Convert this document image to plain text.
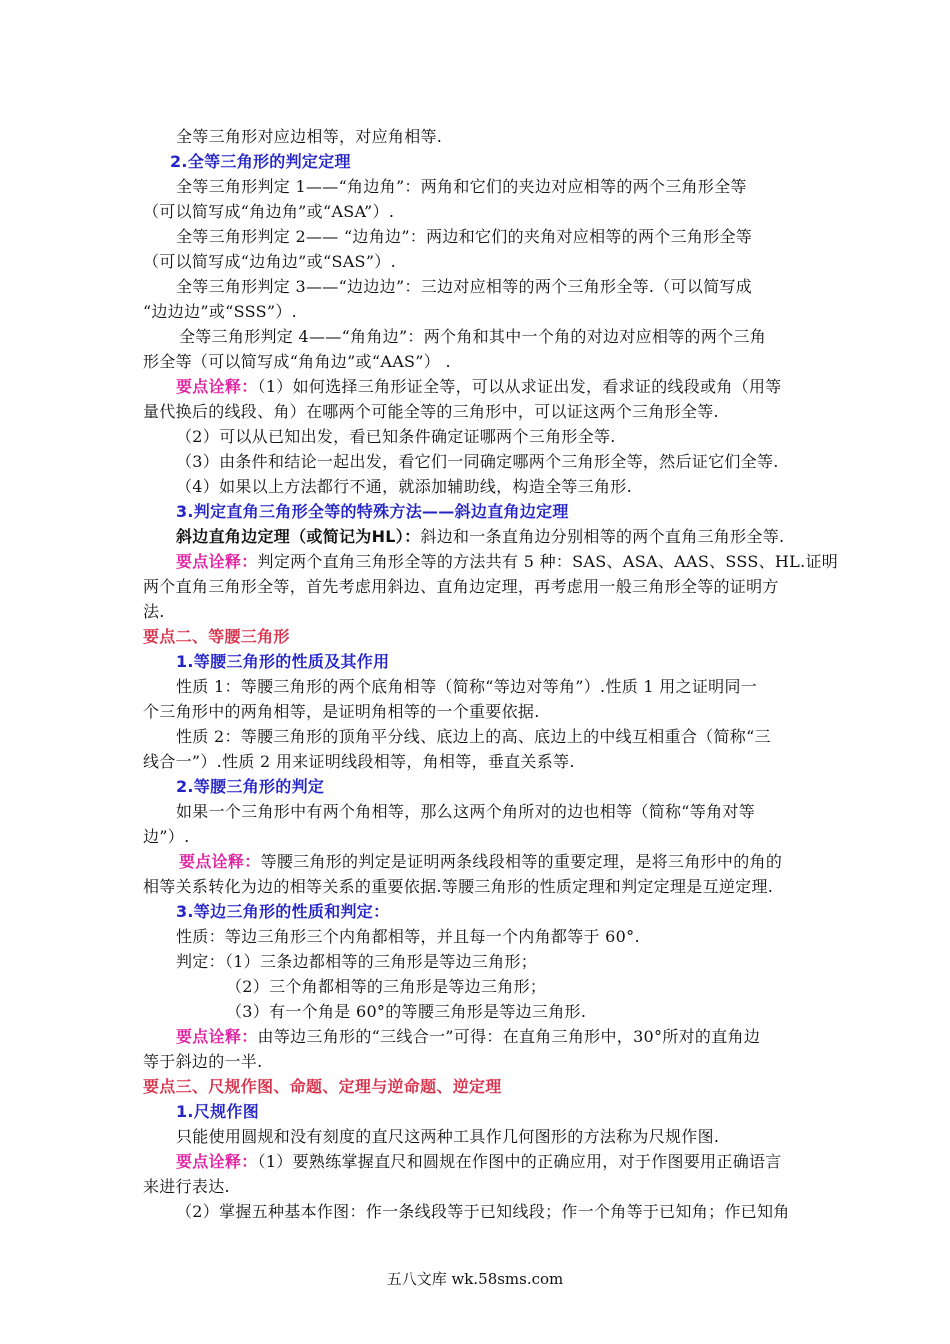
全等三角形对应边相等，对应角相等.
2.全等三角形的判定定理
全等三角形判定 1——“角边角”：两角和它们的夹边对应相等的两个三角形全等
（可以简写成“角边角”或“ASA”）.
全等三角形判定 2—— “边角边”：两边和它们的夹角对应相等的两个三角形全等
（可以简写成“边角边”或“SAS”）.
全等三角形判定 3——“边边边”：三边对应相等的两个三角形全等.（可以简写成
“边边边”或“SSS”）.
全等三角形判定 4——“角角边”：两个角和其中一个角的对边对应相等的两个三角
形全等（可以简写成“角角边”或“AAS”） .
要点诠释：（1）如何选择三角形证全等，可以从求证出发，看求证的线段或角（用等
量代换后的线段、角）在哪两个可能全等的三角形中，可以证这两个三角形全等.
（2）可以从已知出发，看已知条件确定证哪两个三角形全等.
（3）由条件和结论一起出发，看它们一同确定哪两个三角形全等，然后证它们全等.
（4）如果以上方法都行不通，就添加辅助线，构造全等三角形.
3.判定直角三角形全等的特殊方法——斜边直角边定理
斜边直角边定理（或简记为HL）：斜边和一条直角边分别相等的两个直角三角形全等.
要点诠释：判定两个直角三角形全等的方法共有 5 种：SAS、ASA、AAS、SSS、HL.证明
两个直角三角形全等，首先考虑用斜边、直角边定理，再考虑用一般三角形全等的证明方
法.
要点二、等腰三角形
1.等腰三角形的性质及其作用
性质 1：等腰三角形的两个底角相等（简称“等边对等角”）.性质 1 用之证明同一
个三角形中的两角相等，是证明角相等的一个重要依据.
性质 2：等腰三角形的顶角平分线、底边上的高、底边上的中线互相重合（简称“三
线合一”）.性质 2 用来证明线段相等，角相等，垂直关系等.
2.等腰三角形的判定
如果一个三角形中有两个角相等，那么这两个角所对的边也相等（简称“等角对等
边”）.
要点诠释：等腰三角形的判定是证明两条线段相等的重要定理，是将三角形中的角的
相等关系转化为边的相等关系的重要依据.等腰三角形的性质定理和判定定理是互逆定理.
3.等边三角形的性质和判定：
性质：等边三角形三个内角都相等，并且每一个内角都等于 60°.
判定：（1）三条边都相等的三角形是等边三角形；
（2）三个角都相等的三角形是等边三角形；
（3）有一个角是 60°的等腰三角形是等边三角形.
要点诠释：由等边三角形的“三线合一”可得：在直角三角形中，30°所对的直角边
等于斜边的一半.
要点三、尺规作图、命题、定理与逆命题、逆定理
1.尺规作图
只能使用圆规和没有刻度的直尺这两种工具作几何图形的方法称为尺规作图.
要点诠释：（1）要熟练掌握直尺和圆规在作图中的正确应用，对于作图要用正确语言
来进行表达.
（2）掌握五种基本作图：作一条线段等于已知线段；作一个角等于已知角；作已知角
五八文库 wk.58sms.com
